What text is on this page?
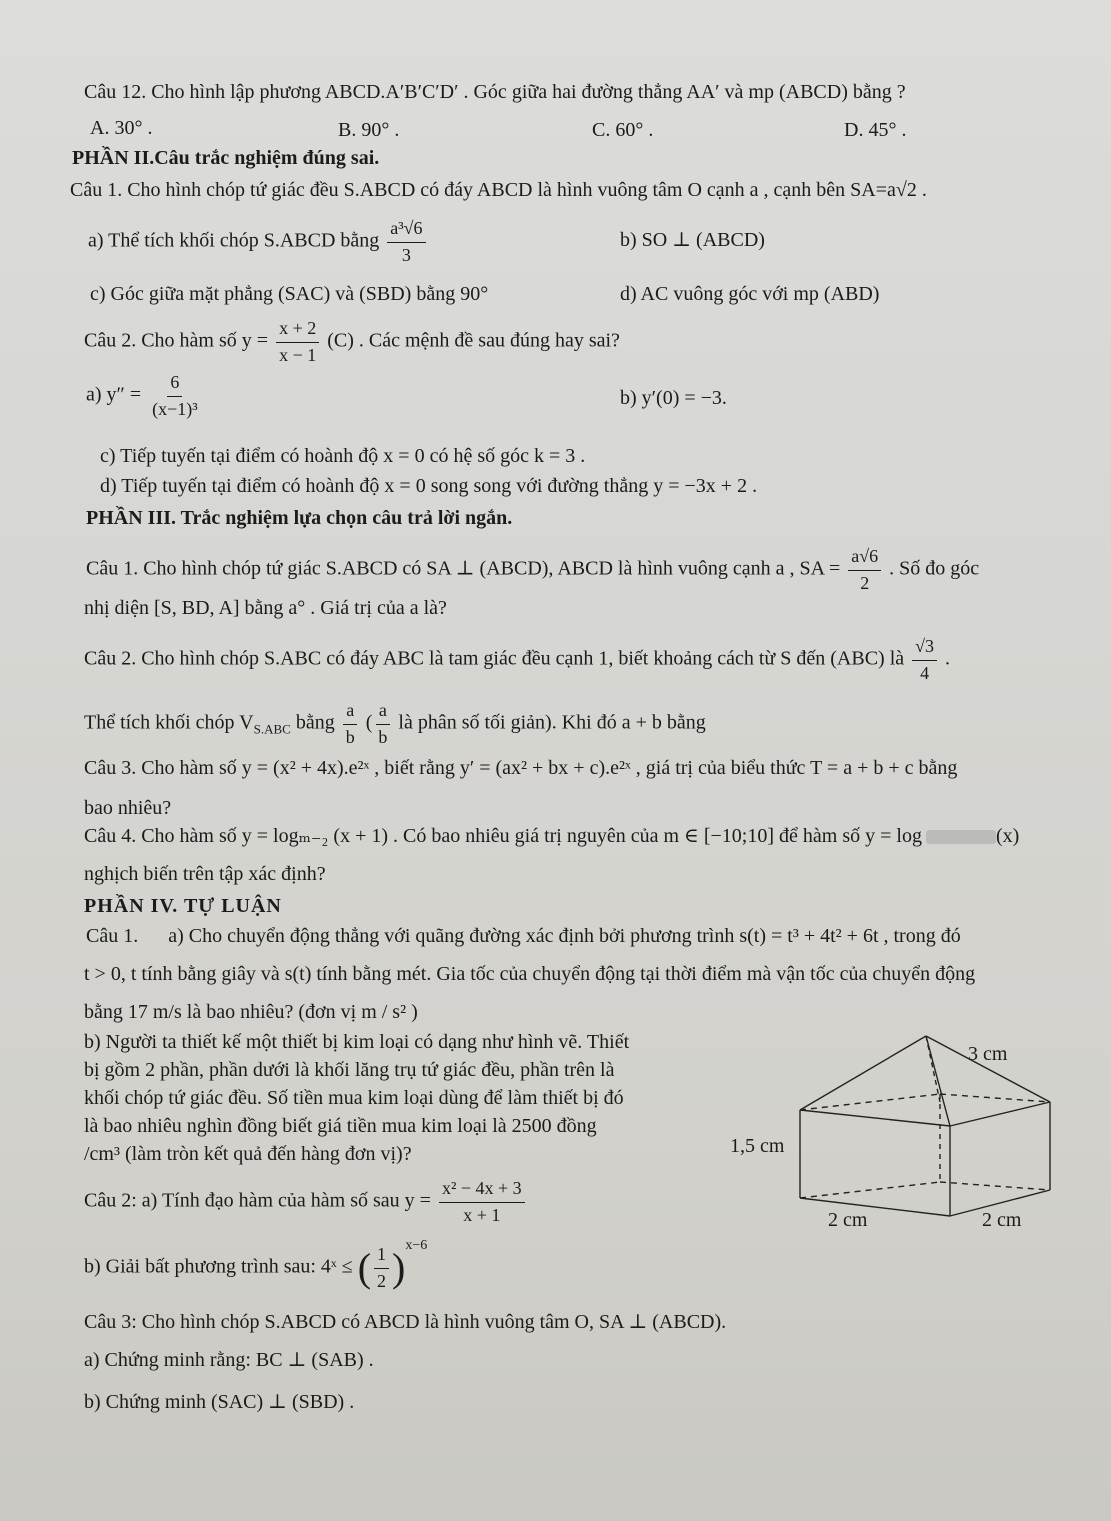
Câu 12. Cho hình lập phương ABCD.A′B′C′D′ . Góc giữa hai đường thẳng AA′ và mp (ABCD) bằng ?
A. 30° .	B. 90° .	C. 60° .	D. 45° .
PHẦN II.Câu trắc nghiệm đúng sai.
Câu 1. Cho hình chóp tứ giác đều S.ABCD có đáy ABCD là hình vuông tâm O cạnh a , cạnh bên SA=a√2 .
a) Thể tích khối chóp S.ABCD bằng $\frac{\text{a³√6}}{3}$	b) SO ⊥ (ABCD)
c) Góc giữa mặt phẳng (SAC) và (SBD) bằng 90°	d) AC vuông góc với mp (ABD)
Câu 2. Cho hàm số $y = \frac{x + 2}{x - 1} (C)$ . Các mệnh đề sau đúng hay sai?
a) $y'' = \frac{6}{\text{(x−1)³}}$	b) y′(0) = −3.
c) Tiếp tuyến tại điểm có hoành độ x = 0 có hệ số góc k = 3 .
d) Tiếp tuyến tại điểm có hoành độ x = 0 song song với đường thẳng y = −3x + 2 .
PHẦN III. Trắc nghiệm lựa chọn câu trả lời ngắn.
Câu 1. Cho hình chóp tứ giác S.ABCD có SA ⊥ (ABCD), ABCD là hình vuông cạnh a , SA = $\frac{a√6}{2}$ . Số đo góc
nhị diện [S, BD, A] bằng a° . Giá trị của a là?
Câu 2. Cho hình chóp S.ABC có đáy ABC là tam giác đều cạnh 1, biết khoảng cách từ S đến (ABC) là $\frac{√3}{4}$ .
Thể tích khối chóp $V_{S.ABC}$ bằng $\frac{a}{b}$ ( $\frac{a}{b}$ là phân số tối giản). Khi đó a + b bằng
Câu 3. Cho hàm số y = (x² + 4x).e²ˣ , biết rằng y′ = (ax² + bx + c).e²ˣ , giá trị của biểu thức T = a + b + c bằng
bao nhiêu?
Câu 4. Cho hàm số y = logₘ₋₂ (x + 1) . Có bao nhiêu giá trị nguyên của m ∈ [−10;10] để hàm số y = log	(x)
nghịch biến trên tập xác định?
PHẦN IV. TỰ LUẬN
Câu 1.      a) Cho chuyển động thẳng với quãng đường xác định bởi phương trình s(t) = t³ + 4t² + 6t , trong đó
t > 0, t tính bằng giây và s(t) tính bằng mét. Gia tốc của chuyển động tại thời điểm mà vận tốc của chuyển động
bằng 17 m/s là bao nhiêu? (đơn vị m / s² )
b) Người ta thiết kế một thiết bị kim loại có dạng như hình vẽ. Thiết
bị gồm 2 phần, phần dưới là khối lăng trụ tứ giác đều, phần trên là
khối chóp tứ giác đều. Số tiền mua kim loại dùng để làm thiết bị đó
là bao nhiêu nghìn đồng biết giá tiền mua kim loại là 2500 đồng
/cm³ (làm tròn kết quả đến hàng đơn vị)?
Câu 2: a) Tính đạo hàm của hàm số sau $y = \frac{\text{x² − 4x + 3}}{x + 1}$
b) Giải bất phương trình sau: 4ˣ ≤ ( $\frac{1}{2} )^{x-6}$
Câu 3: Cho hình chóp S.ABCD có ABCD là hình vuông tâm O, SA ⊥ (ABCD).
a) Chứng minh rằng: BC ⊥ (SAB) .
b) Chứng minh (SAC) ⊥ (SBD) .
3 cm
1,5 cm
2 cm	2 cm
